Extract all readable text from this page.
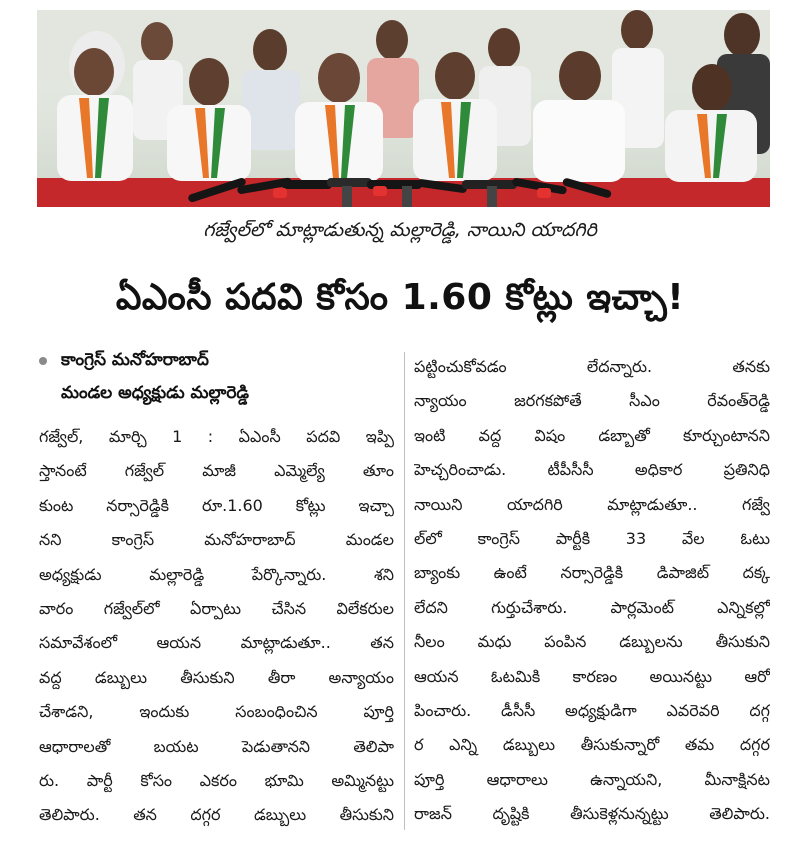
గజ్వేల్‌లో మాట్లాడుతున్న మల్లారెడ్డి, నాయిని యాదగిరి
ఏఎంసీ పదవి కోసం 1.60 కోట్లు ఇచ్చా!
కాంగ్రెస్ మనోహరాబాద్
మండల అధ్యక్షుడు మల్లారెడ్డి
గజ్వేల్, మార్చి 1 : ఏఎంసీ పదవి ఇప్పి
స్తానంటే గజ్వేల్ మాజీ ఎమ్మెల్యే తూం
కుంట నర్సారెడ్డికి రూ.1.60 కోట్లు ఇచ్చా
నని కాంగ్రెస్ మనోహరాబాద్ మండల
అధ్యక్షుడు మల్లారెడ్డి పేర్కొన్నారు. శని
వారం గజ్వేల్‌లో ఏర్పాటు చేసిన విలేకరుల
సమావేశంలో ఆయన మాట్లాడుతూ.. తన
వద్ద డబ్బులు తీసుకుని తీరా అన్యాయం
చేశాడని, ఇందుకు సంబంధించిన పూర్తి
ఆధారాలతో బయట పెడుతానని తెలిపా
రు. పార్టీ కోసం ఎకరం భూమి అమ్మినట్టు
తెలిపారు. తన దగ్గర డబ్బులు తీసుకుని
పట్టించుకోవడం లేదన్నారు. తనకు
న్యాయం జరగకపోతే సీఎం రేవంత్‌రెడ్డి
ఇంటి వద్ద విషం డబ్బాతో కూర్చుంటానని
హెచ్చరించాడు. టీపీసీసీ అధికార ప్రతినిధి
నాయిని యాదగిరి మాట్లాడుతూ.. గజ్వే
ల్‌లో కాంగ్రెస్ పార్టీకి 33 వేల ఓటు
బ్యాంకు ఉంటే నర్సారెడ్డికి డిపాజిట్ దక్క
లేదని గుర్తుచేశారు. పార్లమెంట్ ఎన్నికల్లో
నీలం మధు పంపిన డబ్బులను తీసుకుని
ఆయన ఓటమికి కారణం అయినట్టు ఆరో
పించారు. డీసీసీ అధ్యక్షుడిగా ఎవరెవరి దగ్గ
ర ఎన్ని డబ్బులు తీసుకున్నారో తమ దగ్గర
పూర్తి ఆధారాలు ఉన్నాయని, మీనాక్షినట
రాజన్ దృష్టికి తీసుకెళ్లనున్నట్టు తెలిపారు.
